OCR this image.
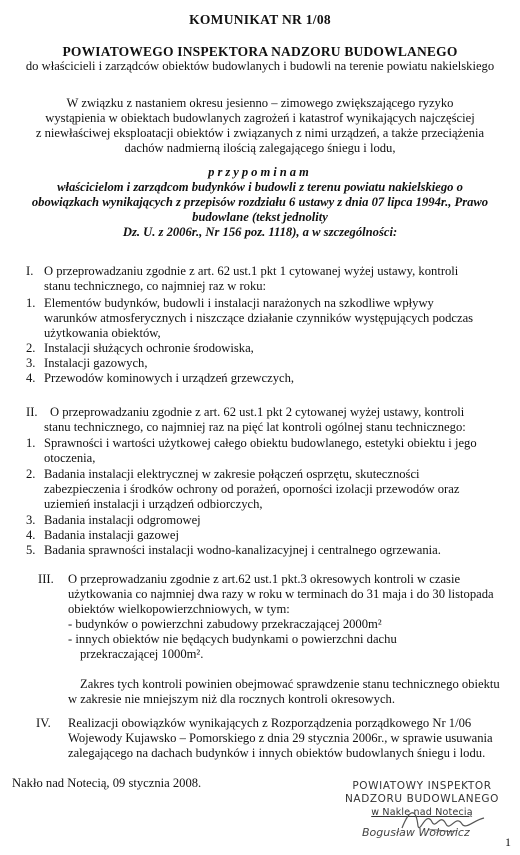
KOMUNIKAT NR 1/08
POWIATOWEGO INSPEKTORA NADZORU BUDOWLANEGO
do właścicieli i zarządców obiektów budowlanych i budowli na terenie powiatu nakielskiego
W związku z nastaniem okresu jesienno – zimowego zwiększającego ryzyko
wystąpienia w obiektach budowlanych zagrożeń i katastrof wynikających najczęściej
z niewłaściwej eksploatacji obiektów i związanych z nimi urządzeń, a także przeciążenia
dachów nadmierną ilością zalegającego śniegu i lodu,
przypominam
właścicielom i zarządcom budynków i budowli z terenu powiatu nakielskiego o
obowiązkach wynikających z przepisów rozdziału 6 ustawy z dnia 07 lipca 1994r., Prawo
budowlane (tekst jednolity
Dz. U. z 2006r., Nr 156 poz. 1118), a w szczególności:
I. O przeprowadzaniu zgodnie z art. 62 ust.1 pkt 1 cytowanej wyżej ustawy, kontroli
stanu technicznego, co najmniej raz w roku:
1. Elementów budynków, budowli i instalacji narażonych na szkodliwe wpływy
warunków atmosferycznych i niszczące działanie czynników występujących podczas
użytkowania obiektów,
2. Instalacji służących ochronie środowiska,
3. Instalacji gazowych,
4. Przewodów kominowych i urządzeń grzewczych,
II. O przeprowadzaniu zgodnie z art. 62 ust.1 pkt 2 cytowanej wyżej ustawy, kontroli
stanu technicznego, co najmniej raz na pięć lat kontroli ogólnej stanu technicznego:
1. Sprawności i wartości użytkowej całego obiektu budowlanego, estetyki obiektu i jego
otoczenia,
2. Badania instalacji elektrycznej w zakresie połączeń osprzętu, skuteczności
zabezpieczenia i środków ochrony od porażeń, oporności izolacji przewodów oraz
uziemień instalacji i urządzeń odbiorczych,
3. Badania instalacji odgromowej
4. Badania instalacji gazowej
5. Badania sprawności instalacji wodno-kanalizacyjnej i centralnego ogrzewania.
III. O przeprowadzaniu zgodnie z art.62 ust.1 pkt.3 okresowych kontroli w czasie
użytkowania co najmniej dwa razy w roku w terminach do 31 maja i do 30 listopada
obiektów wielkopowierzchniowych, w tym:
- budynków o powierzchni zabudowy przekraczającej 2000m²
- innych obiektów nie będących budynkami o powierzchni dachu
przekraczającej 1000m².
Zakres tych kontroli powinien obejmować sprawdzenie stanu technicznego obiektu
w zakresie nie mniejszym niż dla rocznych kontroli okresowych.
IV. Realizacji obowiązków wynikających z Rozporządzenia porządkowego Nr 1/06
Wojewody Kujawsko – Pomorskiego z dnia 29 stycznia 2006r., w sprawie usuwania
zalegającego na dachach budynków i innych obiektów budowlanych śniegu i lodu.
Nakło nad Notecią, 09 stycznia 2008.	POWIATOWY INSPEKTOR
NADZORU BUDOWLANEGO
w Nakle nad Notecią
Bogusław Wołowicz
1
